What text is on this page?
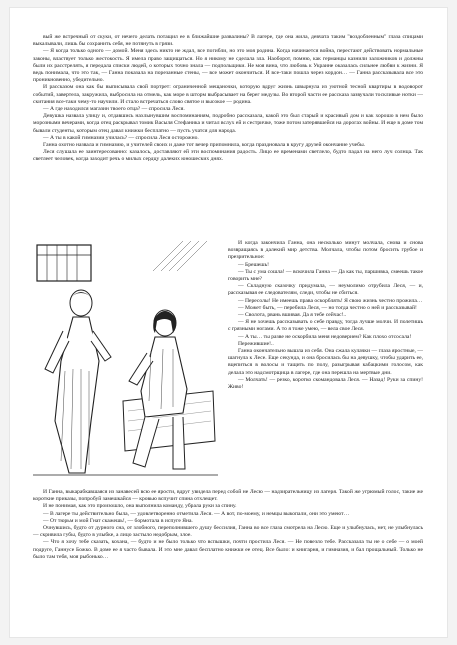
вый же встречный от скуки, от нечего делать потащил ее в ближайшие развалины? В лагере, где она жила, девчата таким "воздобленным" глаза спицами выкалывали, лишь бы сохранить себя, не потянуть в грязи.

— Я когда только одного — домой. Меня здесь никто не ждал, все погибли, но это моя родина. Когда начинается война, перестают действовать нормальные законы, властвует только жестокость. Я имела право защищаться. Но я никому не сделала зла. Наоборот, помню, как германцы казнили заложников и должны были их расстрелять, я передала списки людей, о которых точно знала — подпольщики. Не моя вина, что любовь к Украине оказалась сильнее любви к жизни. Я ведь понимала, что это так, — Ганна показала на порезанные стены, — все может окончиться. И все-таки пошла через кордон… — Ганна рассказывала все это проникновенно, убедительно.

И рассказом она как бы выписывала свой портрет: ограниченной мещаночки, которую вдруг жизнь швырнула из уютной тесной квартиры в водоворот событий, завертела, закружила, выбросила на отмель, как море в шторм выбрасывает на берег медузы. Во второй части ее рассказа зазвучали тоскливые нотки — скитания все-таки чему-то научили. И стало встречаться слово святое и высокое — родина.

— А где находился магазин твоего отца? — спросила Леся.

Девушка назвала улицу и, отдавшись нахлынувшим воспоминаниям, подробно рассказала, какой это был старый и красивый дом и как хорошо в нем было морозными вечерами, когда отец раскрывал томик Васыля Стефаника и читал вслух ей и сестричке, тоже потом затерявшейся на дорогах войны. И еще в доме том бывали студенты, которым отец давал книжки бесплатно — пусть учатся для народа.

— А ты в какой гимназии училась? — спросила Леся осторожно.

Ганна охотно назвала и гимназию, и учителей своих и даже тот вечер припомнила, когда праздновала в кругу друзей окончание учебы.

Леся слушала ее заинтересованно: казалось, доставляют ей эти воспоминания радость. Лицо ее временами светлело, будто падал на него луч солнца. Так светлеет человек, когда заходит речь о милых сердцу далеких юношеских днях.

И когда закончила Ганна, она несколько минут молчала, снова и снова возвращаясь в далекий мир детства. Молчала, чтобы потом бросить грубое и презрительное:

— Брешешь!

— Ты с ума сошла! — вскочила Ганна — Да как ты, паршивка, смеешь такое говорить мне?

— Складную сказочку придумала, — неумолимо отрубила Леся, — и, рассказывая ее следователям, следи, чтобы не сбиться.

— Пересолы! Не имеешь права оскорблять! Я свою жизнь честно прожила…

— Может быть, — перебила Леся, — но тогда честно о ней и рассказывай!

— Сволота, рвань вшивая. Да я тебе сейчас!..

— Я не хочешь рассказывать о себе правду, тогда лучше молчи. И полетишь с грязными ногами. А то я тоже умею, — вела свое Леся.

— А ты… ты разве не оскорбила меня недоверием? Как плохо отсосала!

Пережившие!..

Ганна окончательно вышла из себя. Она сжала кулачки — глаза яростные, — шагнула к Лесе. Еще секунда, и она бросилась бы на девушку, чтобы ударить ее, вцепиться в волосы и тащить по полу, разыгрывая кабацкими голосом, как делала это надсмотрщица в лагере, где она перешла на мертвые дни.

— Молчать! — резко, коротко скомандовала Леся. — Назад! Руки за спину! Живо!

И Ганна, выкарабкавшаяся из занавесей всю ее ярости, вдруг увидела перед собой не Лесю — надзирательницу из лагеря. Такой же угрюмый голос, такие же короткие приказы, попробуй замешкайся — кровью вспучит спина отхлещет.

И не понимая, как это произошло, она выполнила команду, убрала руки за спину.

— В лагере ты действительно была, — удовлетворенно отметила Леся. — А вот, по-моему, и немцы выкопали, они это умеют…

— От тюрьм и мой Гнат скажешь!, — бормотала в испуге Яна.

Очнувшись, будто от дурного сна, от злобного, переполнившего душу бессилия, Ганна во все глаза смотрела на Лесю. Еще и улыбнулась, нет, не улыбнулась — скривила губы, будто в улыбке, а лицо застыло недобрым, злое.

— Что я хочу тебе сказать, кохана, — будто и не было только что вспышки, почти простила Леся. — Не повезло тебе. Рассказала ты не о себе — о моей подруге, Ганнусе Божко. В доме ее я часто бывала. И это мне давал бесплатно книжки ее отец. Все было: и книгарня, и гимназия, и бал прощальный. Только не было там тебя, моя рыбонько…
